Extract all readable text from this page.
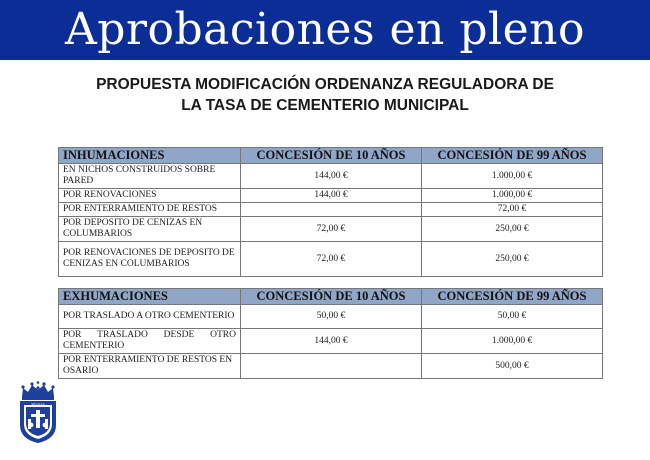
Aprobaciones en pleno
PROPUESTA MODIFICACIÓN ORDENANZA REGULADORA DE
LA TASA DE CEMENTERIO MUNICIPAL
INHUMACIONES	CONCESIÓN DE 10 AÑOS	CONCESIÓN DE 99 AÑOS
EN NICHOS CONSTRUIDOS SOBRE PARED	144,00 €	1.000,00 €
POR RENOVACIONES	144,00 €	1.000,00 €
POR ENTERRAMIENTO DE RESTOS		72,00 €
POR DEPOSITO DE CENIZAS EN COLUMBARIOS	72,00 €	250,00 €
POR RENOVACIONES DE DEPOSITO DE CENIZAS EN COLUMBARIOS	72,00 €	250,00 €
EXHUMACIONES	CONCESIÓN DE 10 AÑOS	CONCESIÓN DE 99 AÑOS
POR TRASLADO A OTRO CEMENTERIO	50,00 €	50,00 €
POR TRASLADO DESDE OTRO CEMENTERIO	144,00 €	1.000,00 €
POR ENTERRAMIENTO DE RESTOS EN OSARIO		500,00 €
SEVILLA
